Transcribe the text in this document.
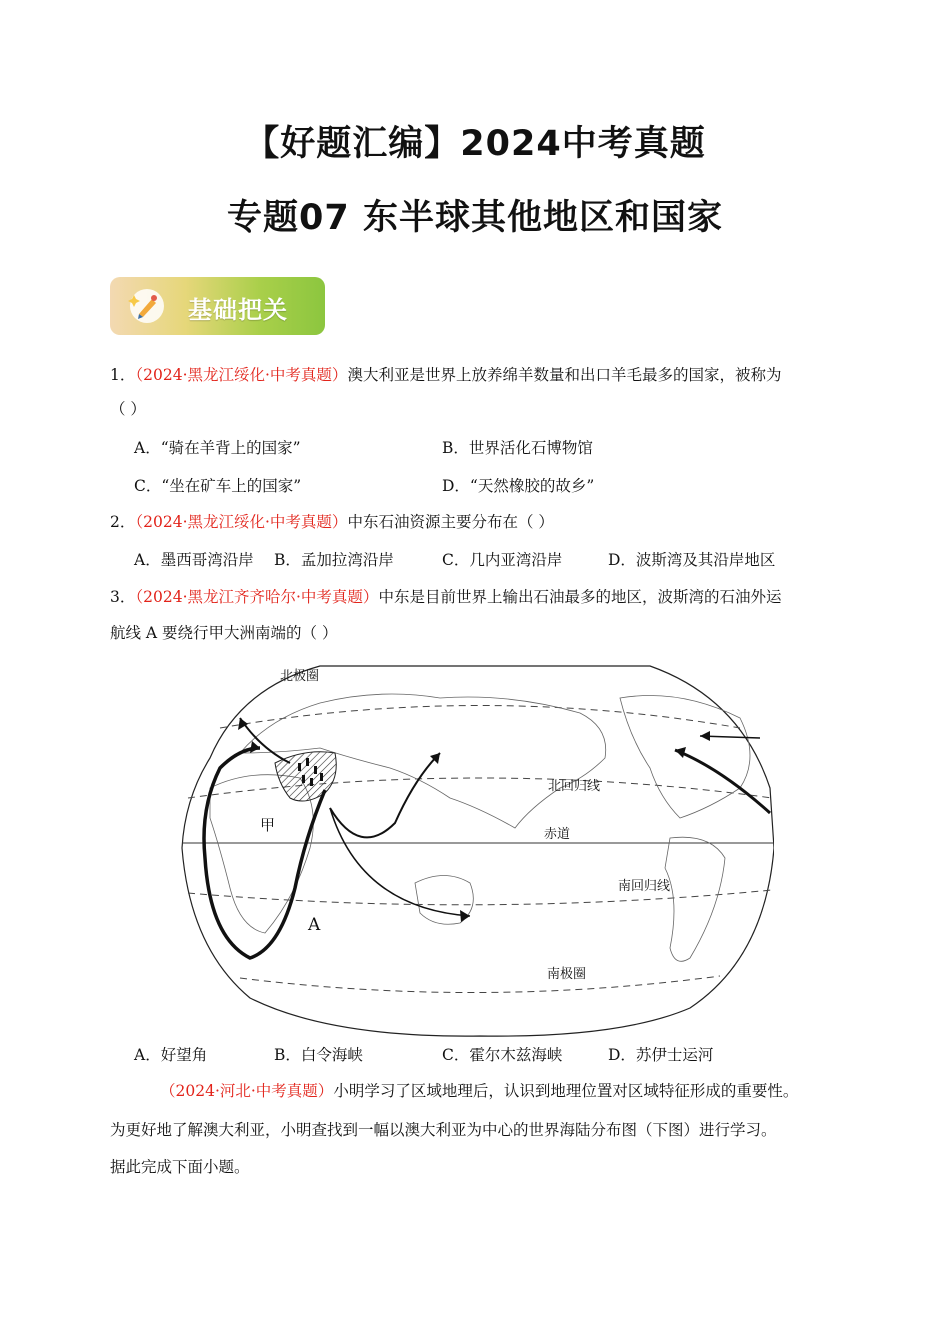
【好题汇编】2024中考真题
专题07 东半球其他地区和国家
基础把关
1．（2024·黑龙江绥化·中考真题）澳大利亚是世界上放养绵羊数量和出口羊毛最多的国家，被称为
（ ）
A．“骑在羊背上的国家”	B．世界活化石博物馆
C．“坐在矿车上的国家”	D．“天然橡胶的故乡”
2．（2024·黑龙江绥化·中考真题）中东石油资源主要分布在（ ）
A．墨西哥湾沿岸 B．孟加拉湾沿岸	C．几内亚湾沿岸	D．波斯湾及其沿岸地区
3．（2024·黑龙江齐齐哈尔·中考真题）中东是目前世界上输出石油最多的地区，波斯湾的石油外运
航线 A 要绕行甲大洲南端的（ ）
北极圈
北回归线
赤道
南回归线
南极圈
甲
A
A．好望角	B．白令海峡	C．霍尔木兹海峡	D．苏伊士运河
（2024·河北·中考真题）小明学习了区域地理后，认识到地理位置对区域特征形成的重要性。
为更好地了解澳大利亚，小明查找到一幅以澳大利亚为中心的世界海陆分布图（下图）进行学习。
据此完成下面小题。
